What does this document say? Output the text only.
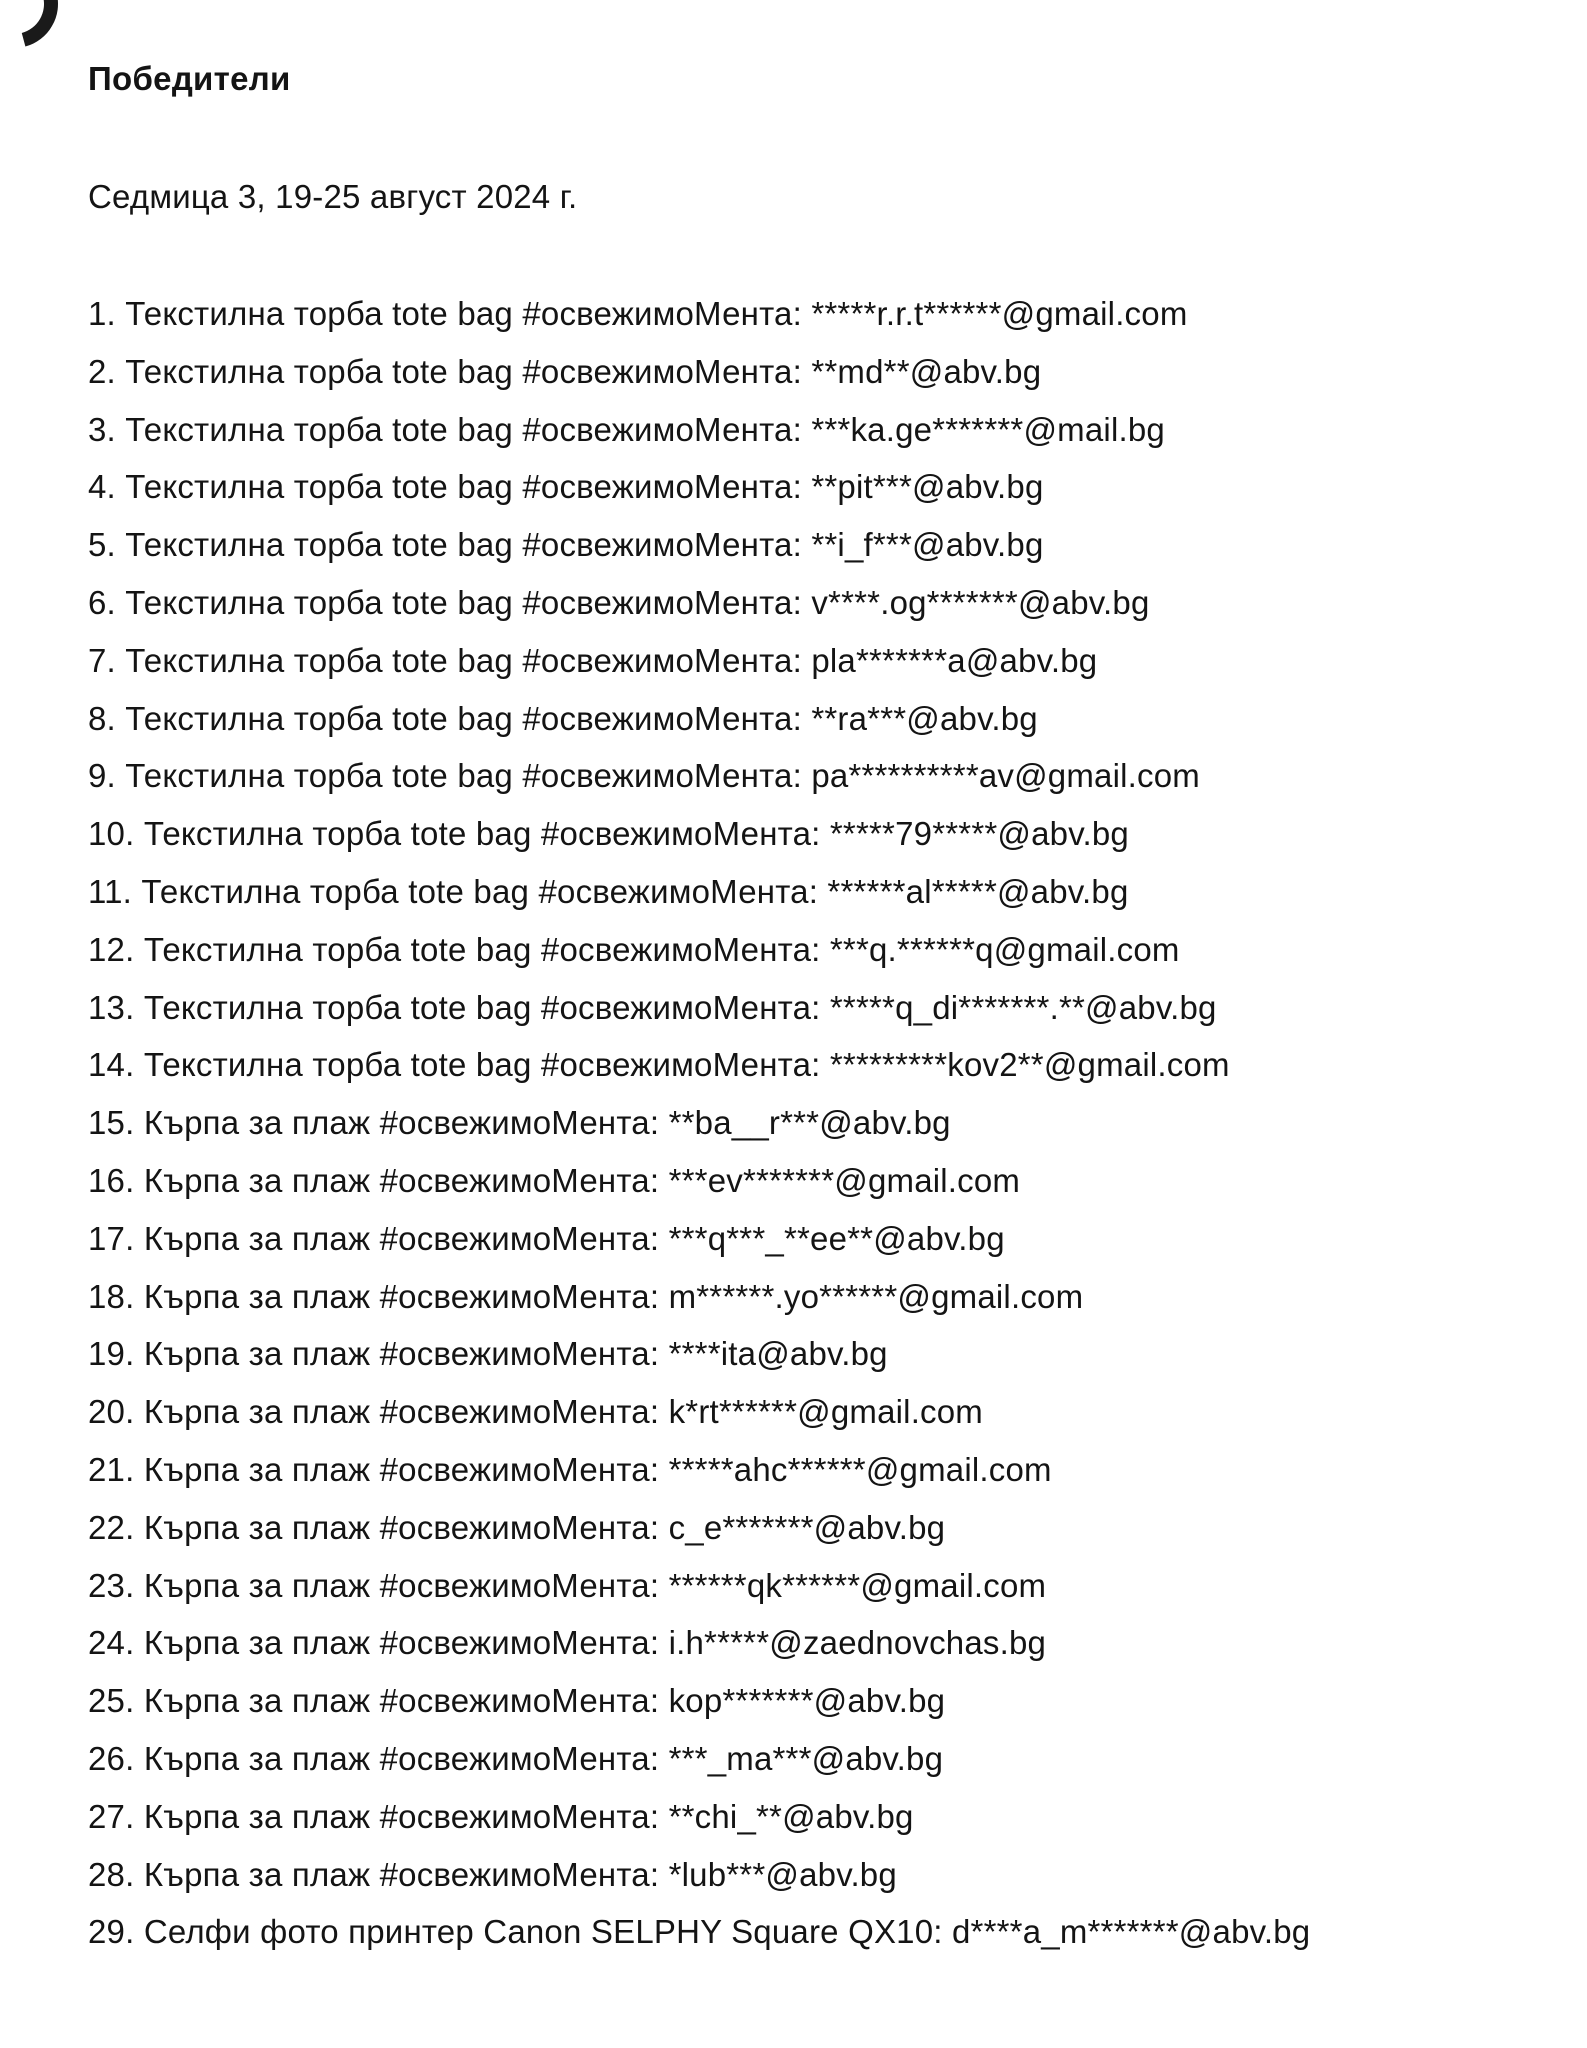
Победители
Седмица 3, 19-25 август 2024 г.
1. Текстилна торба tote bag #освежимоМента: *****r.r.t******@gmail.com
2. Текстилна торба tote bag #освежимоМента: **md**@abv.bg
3. Текстилна торба tote bag #освежимоМента: ***ka.ge*******@mail.bg
4. Текстилна торба tote bag #освежимоМента: **pit***@abv.bg
5. Текстилна торба tote bag #освежимоМента: **i_f***@abv.bg
6. Текстилна торба tote bag #освежимоМента: v****.og*******@abv.bg
7. Текстилна торба tote bag #освежимоМента: pla*******a@abv.bg
8. Текстилна торба tote bag #освежимоМента: **ra***@abv.bg
9. Текстилна торба tote bag #освежимоМента: pa**********av@gmail.com
10. Текстилна торба tote bag #освежимоМента: *****79*****@abv.bg
11. Текстилна торба tote bag #освежимоМента: ******al*****@abv.bg
12. Текстилна торба tote bag #освежимоМента: ***q.******q@gmail.com
13. Текстилна торба tote bag #освежимоМента: *****q_di*******.**@abv.bg
14. Текстилна торба tote bag #освежимоМента: *********kov2**@gmail.com
15. Кърпа за плаж #освежимоМента: **ba__r***@abv.bg
16. Кърпа за плаж #освежимоМента: ***ev*******@gmail.com
17. Кърпа за плаж #освежимоМента: ***q***_**ee**@abv.bg
18. Кърпа за плаж #освежимоМента: m******.yo******@gmail.com
19. Кърпа за плаж #освежимоМента: ****ita@abv.bg
20. Кърпа за плаж #освежимоМента: k*rt******@gmail.com
21. Кърпа за плаж #освежимоМента: *****ahc******@gmail.com
22. Кърпа за плаж #освежимоМента: c_e*******@abv.bg
23. Кърпа за плаж #освежимоМента: ******qk******@gmail.com
24. Кърпа за плаж #освежимоМента: i.h*****@zaednovchas.bg
25. Кърпа за плаж #освежимоМента: kop*******@abv.bg
26. Кърпа за плаж #освежимоМента: ***_ma***@abv.bg
27. Кърпа за плаж #освежимоМента: **chi_**@abv.bg
28. Кърпа за плаж #освежимоМента: *lub***@abv.bg
29. Селфи фото принтер Canon SELPHY Square QX10: d****a_m*******@abv.bg
